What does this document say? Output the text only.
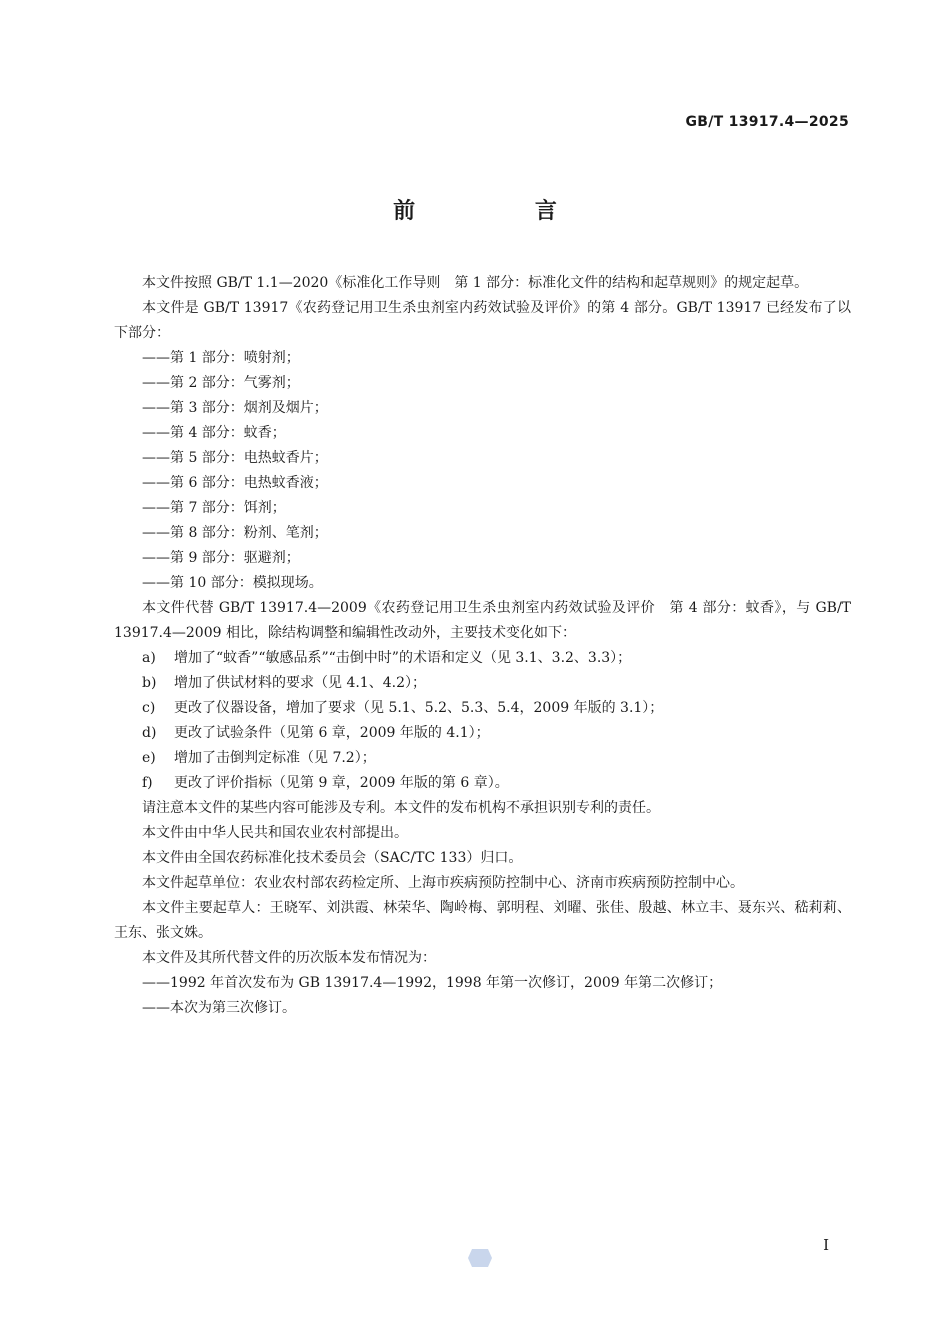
GB/T 13917.4—2025
前 言

本文件按照 GB/T 1.1—2020《标准化工作导则　第 1 部分：标准化文件的结构和起草规则》的规定起草。

本文件是 GB/T 13917《农药登记用卫生杀虫剂室内药效试验及评价》的第 4 部分。GB/T 13917 已经发布了以下部分：

——第 1 部分：喷射剂；

——第 2 部分：气雾剂；

——第 3 部分：烟剂及烟片；

——第 4 部分：蚊香；

——第 5 部分：电热蚊香片；

——第 6 部分：电热蚊香液；

——第 7 部分：饵剂；

——第 8 部分：粉剂、笔剂；

——第 9 部分：驱避剂；

——第 10 部分：模拟现场。

本文件代替 GB/T 13917.4—2009《农药登记用卫生杀虫剂室内药效试验及评价　第 4 部分：蚊香》，与 GB/T 13917.4—2009 相比，除结构调整和编辑性改动外，主要技术变化如下：

a)	增加了“蚊香”“敏感品系”“击倒中时”的术语和定义（见 3.1、3.2、3.3）；
b)	增加了供试材料的要求（见 4.1、4.2）；
c)	更改了仪器设备，增加了要求（见 5.1、5.2、5.3、5.4，2009 年版的 3.1）；
d)	更改了试验条件（见第 6 章，2009 年版的 4.1）；
e)	增加了击倒判定标准（见 7.2）；
f)	更改了评价指标（见第 9 章，2009 年版的第 6 章）。

请注意本文件的某些内容可能涉及专利。本文件的发布机构不承担识别专利的责任。

本文件由中华人民共和国农业农村部提出。

本文件由全国农药标准化技术委员会（SAC/TC 133）归口。

本文件起草单位：农业农村部农药检定所、上海市疾病预防控制中心、济南市疾病预防控制中心。

本文件主要起草人：王晓军、刘洪霞、林荣华、陶岭梅、郭明程、刘曜、张佳、殷越、林立丰、聂东兴、嵇莉莉、王东、张文姝。

本文件及其所代替文件的历次版本发布情况为：

——1992 年首次发布为 GB 13917.4—1992，1998 年第一次修订，2009 年第二次修订；

——本次为第三次修订。

I
